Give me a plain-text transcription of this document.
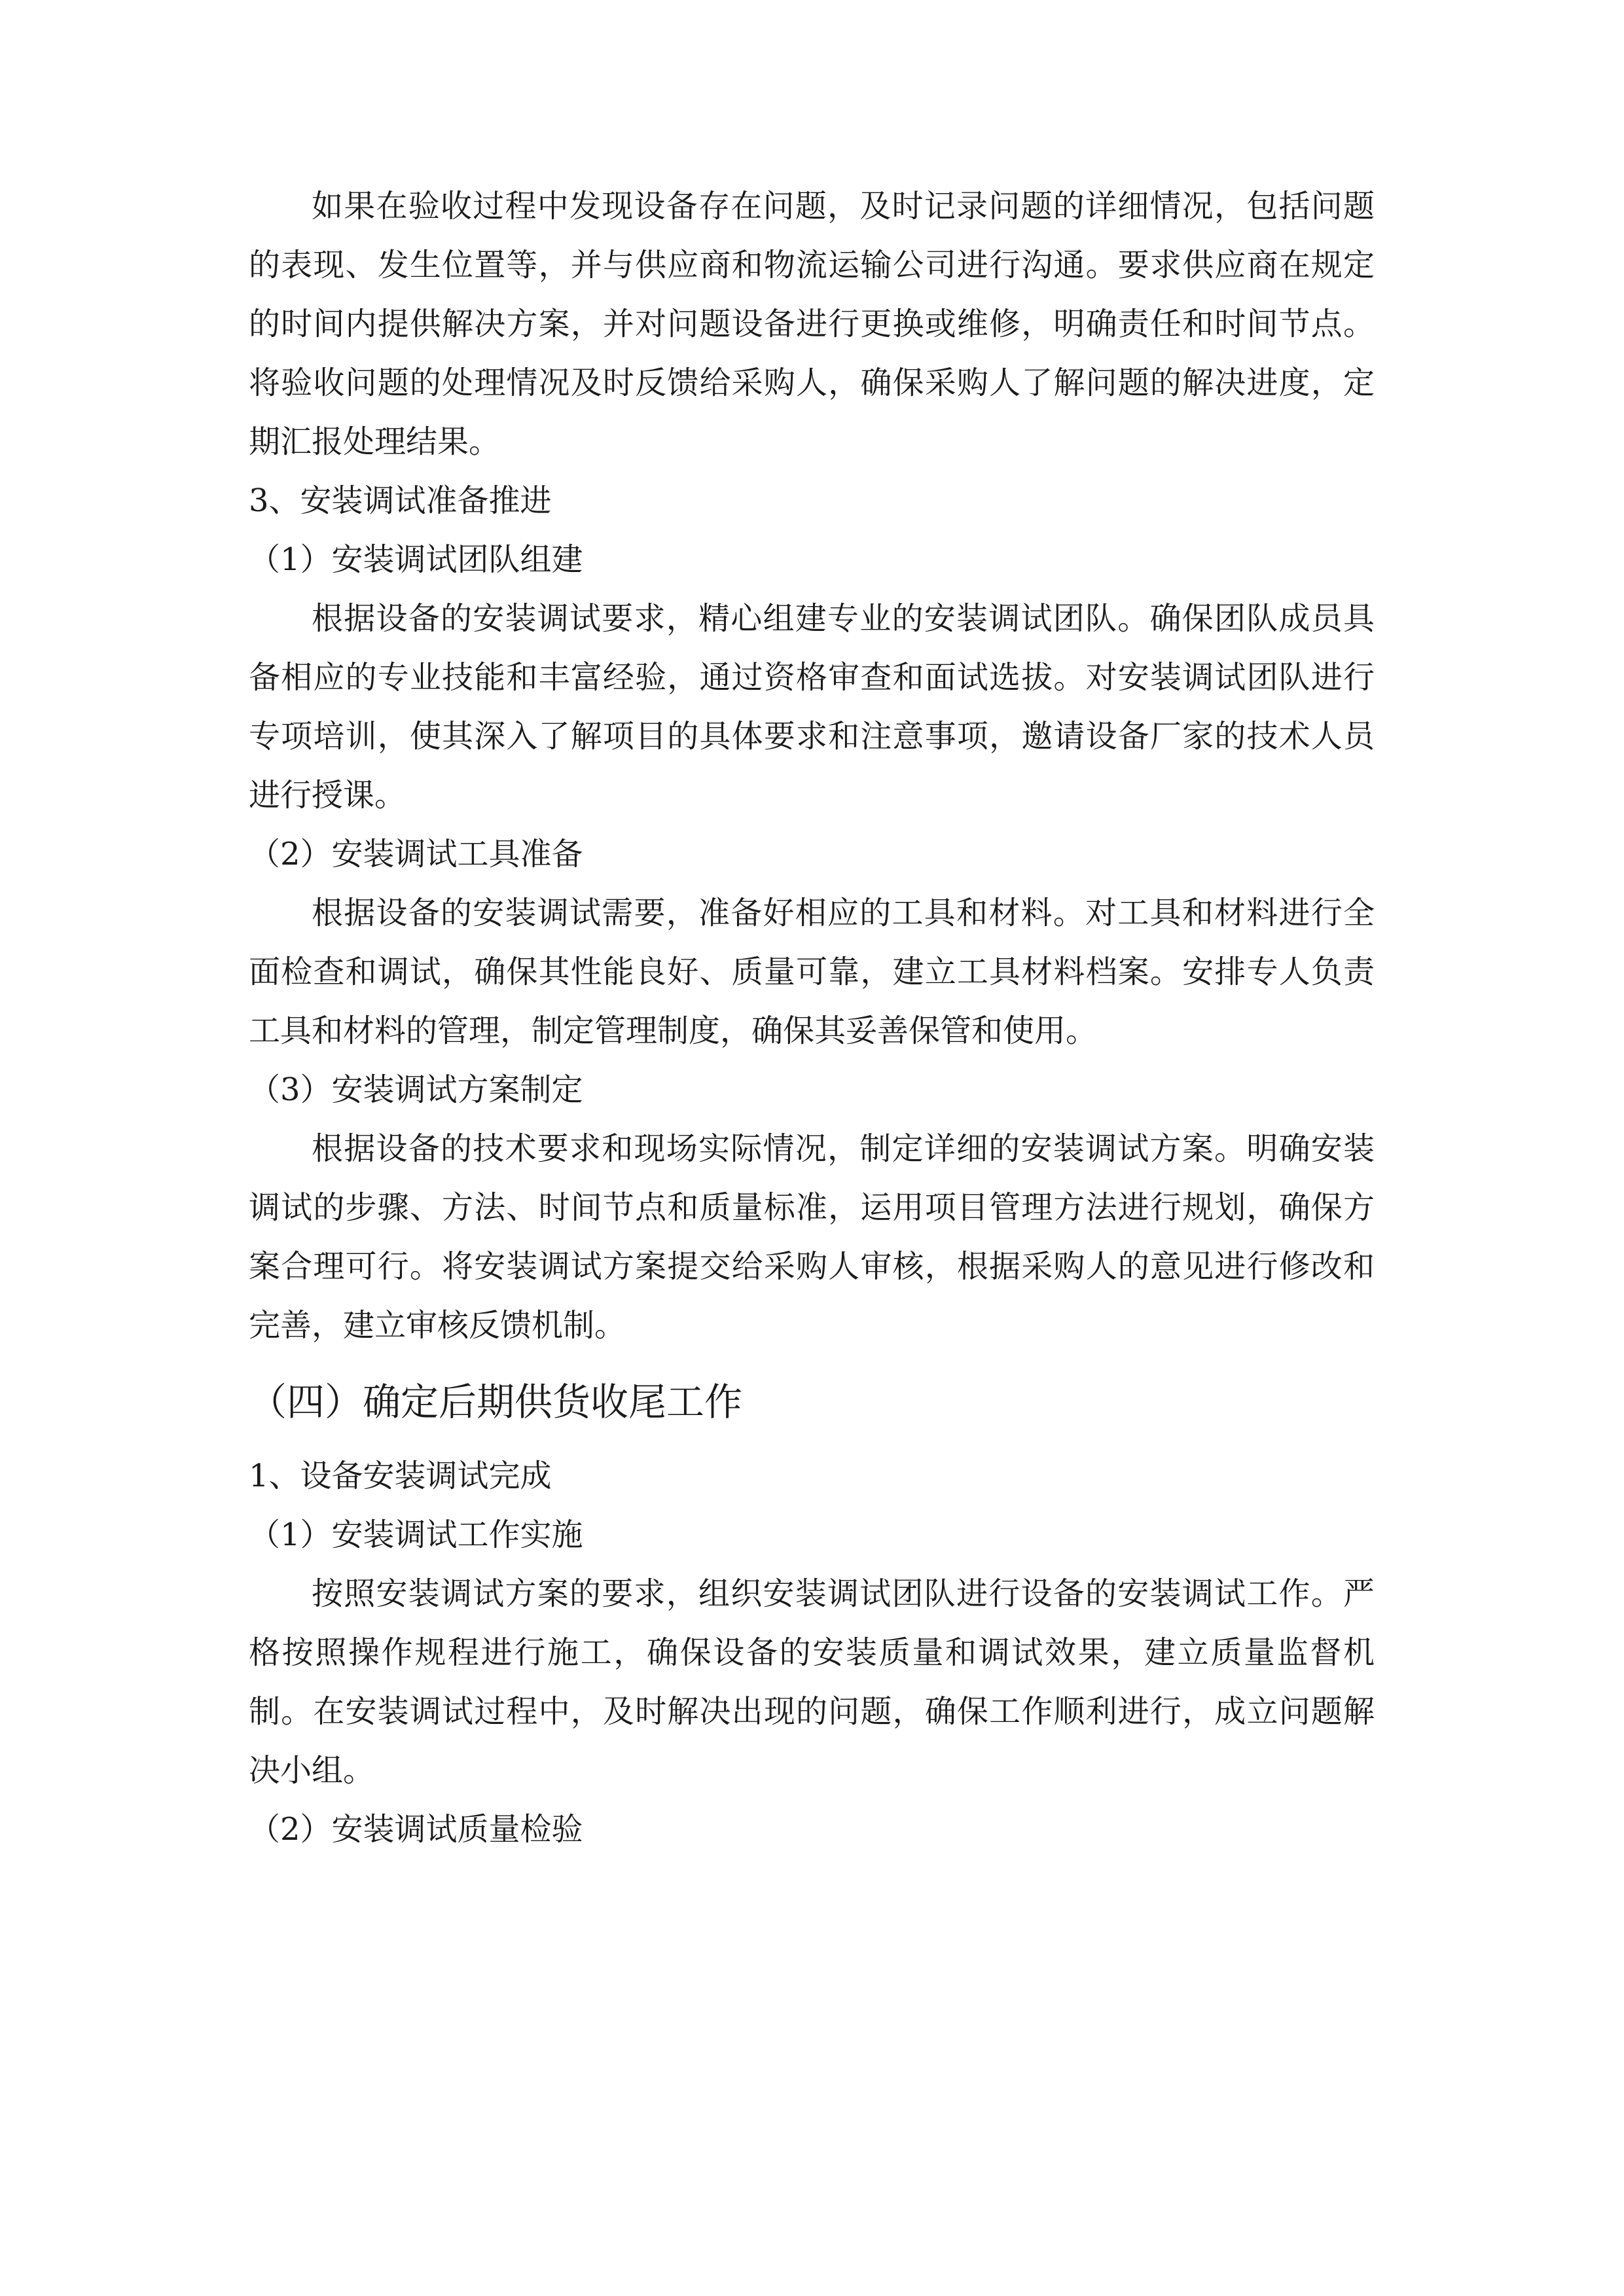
如果在验收过程中发现设备存在问题，及时记录问题的详细情况，包括问题的表现、发生位置等，并与供应商和物流运输公司进行沟通。要求供应商在规定的时间内提供解决方案，并对问题设备进行更换或维修，明确责任和时间节点。将验收问题的处理情况及时反馈给采购人，确保采购人了解问题的解决进度，定期汇报处理结果。

3、安装调试准备推进

（1）安装调试团队组建

根据设备的安装调试要求，精心组建专业的安装调试团队。确保团队成员具备相应的专业技能和丰富经验，通过资格审查和面试选拔。对安装调试团队进行专项培训，使其深入了解项目的具体要求和注意事项，邀请设备厂家的技术人员进行授课。

（2）安装调试工具准备

根据设备的安装调试需要，准备好相应的工具和材料。对工具和材料进行全面检查和调试，确保其性能良好、质量可靠，建立工具材料档案。安排专人负责工具和材料的管理，制定管理制度，确保其妥善保管和使用。

（3）安装调试方案制定

根据设备的技术要求和现场实际情况，制定详细的安装调试方案。明确安装调试的步骤、方法、时间节点和质量标准，运用项目管理方法进行规划，确保方案合理可行。将安装调试方案提交给采购人审核，根据采购人的意见进行修改和完善，建立审核反馈机制。

（四）确定后期供货收尾工作

1、设备安装调试完成

（1）安装调试工作实施

按照安装调试方案的要求，组织安装调试团队进行设备的安装调试工作。严格按照操作规程进行施工，确保设备的安装质量和调试效果，建立质量监督机制。在安装调试过程中，及时解决出现的问题，确保工作顺利进行，成立问题解决小组。

（2）安装调试质量检验
